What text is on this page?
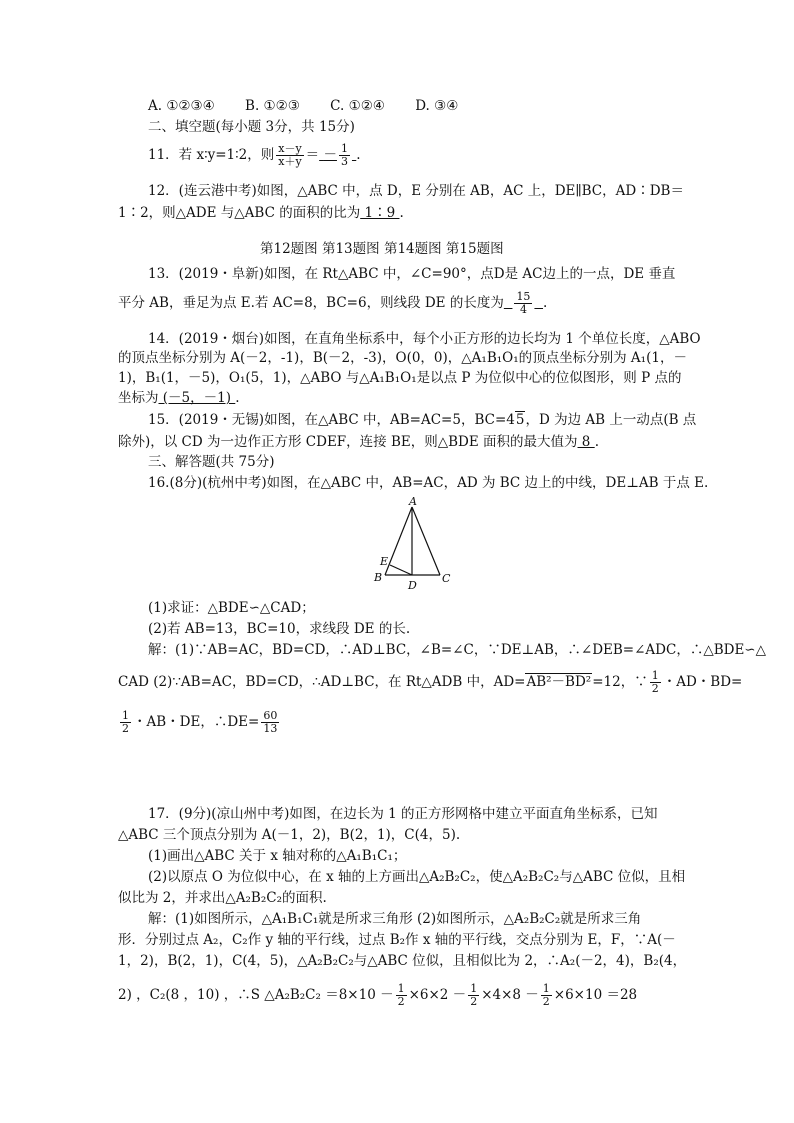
A. ①②③④ B. ①②③ C. ①②④ D. ③④
二、填空题(每小题 3分，共 15分)
11．若 x∶y=1∶2，则 $\frac{x-y}{x+y}$ ＝ － $\frac{1}{3}$ .
12．(连云港中考)如图，△ABC 中，点 D，E 分别在 AB，AC 上，DE∥BC，AD∶DB＝
1∶2，则△ADE 与△ABC 的面积的比为 1∶9 .
第12题图 第13题图 第14题图 第15题图
13．(2019・阜新)如图，在 Rt△ABC 中，∠C=90°，点D是 AC边上的一点，DE 垂直
平分 AB，垂足为点 E.若 AC=8，BC=6，则线段 DE 的长度为 $\frac{15}{4}$ .
14．(2019・烟台)如图，在直角坐标系中，每个小正方形的边长均为 1 个单位长度，△ABO
的顶点坐标分别为 A(－2，-1)，B(－2，-3)，O(0，0)，△A₁B₁O₁的顶点坐标分别为 A₁(1，－
1)，B₁(1，－5)，O₁(5，1)，△ABO 与△A₁B₁O₁是以点 P 为位似中心的位似图形，则 P 点的
坐标为 (－5，－1) .
15．(2019・无锡)如图，在△ABC 中，AB=AC=5，BC=45，D 为边 AB 上一动点(B 点
除外)，以 CD 为一边作正方形 CDEF，连接 BE，则△BDE 面积的最大值为 8 .
三、解答题(共 75分)
16.(8分)(杭州中考)如图，在△ABC 中，AB=AC，AD 为 BC 边上的中线，DE⊥AB 于点 E.
A
B	C
D
E
(1)求证：△BDE∽△CAD；
(2)若 AB=13，BC=10，求线段 DE 的长.
解：(1)∵AB=AC，BD=CD，∴AD⊥BC，∠B=∠C，∵DE⊥AB，∴∠DEB=∠ADC，∴△BDE∽△
CAD (2)∵AB=AC，BD=CD，∴AD⊥BC，在 Rt△ADB 中，AD=AB²－BD²=12，∵ $\frac{1}{2}$ ・AD・BD=
$\frac{1}{2}$ ・AB・DE，∴DE= $\frac{60}{13}$
17．(9分)(凉山州中考)如图，在边长为 1 的正方形网格中建立平面直角坐标系，已知
△ABC 三个顶点分别为 A(－1，2)，B(2，1)，C(4，5).
(1)画出△ABC 关于 x 轴对称的△A₁B₁C₁；
(2)以原点 O 为位似中心，在 x 轴的上方画出△A₂B₂C₂，使△A₂B₂C₂与△ABC 位似，且相
似比为 2，并求出△A₂B₂C₂的面积.
解：(1)如图所示，△A₁B₁C₁就是所求三角形 (2)如图所示，△A₂B₂C₂就是所求三角
形．分别过点 A₂，C₂作 y 轴的平行线，过点 B₂作 x 轴的平行线，交点分别为 E，F，∵A(－
1，2)，B(2，1)，C(4，5)，△A₂B₂C₂与△ABC 位似，且相似比为 2，∴A₂(－2，4)，B₂(4，
2) ，C₂(8 ，10) ，∴S △A₂B₂C₂ $=8\times 10 - \frac{1}{2} \times 6\times 2 - \frac{1}{2} \times 4\times 8 - \frac{1}{2} \times 6\times 10 =28$
